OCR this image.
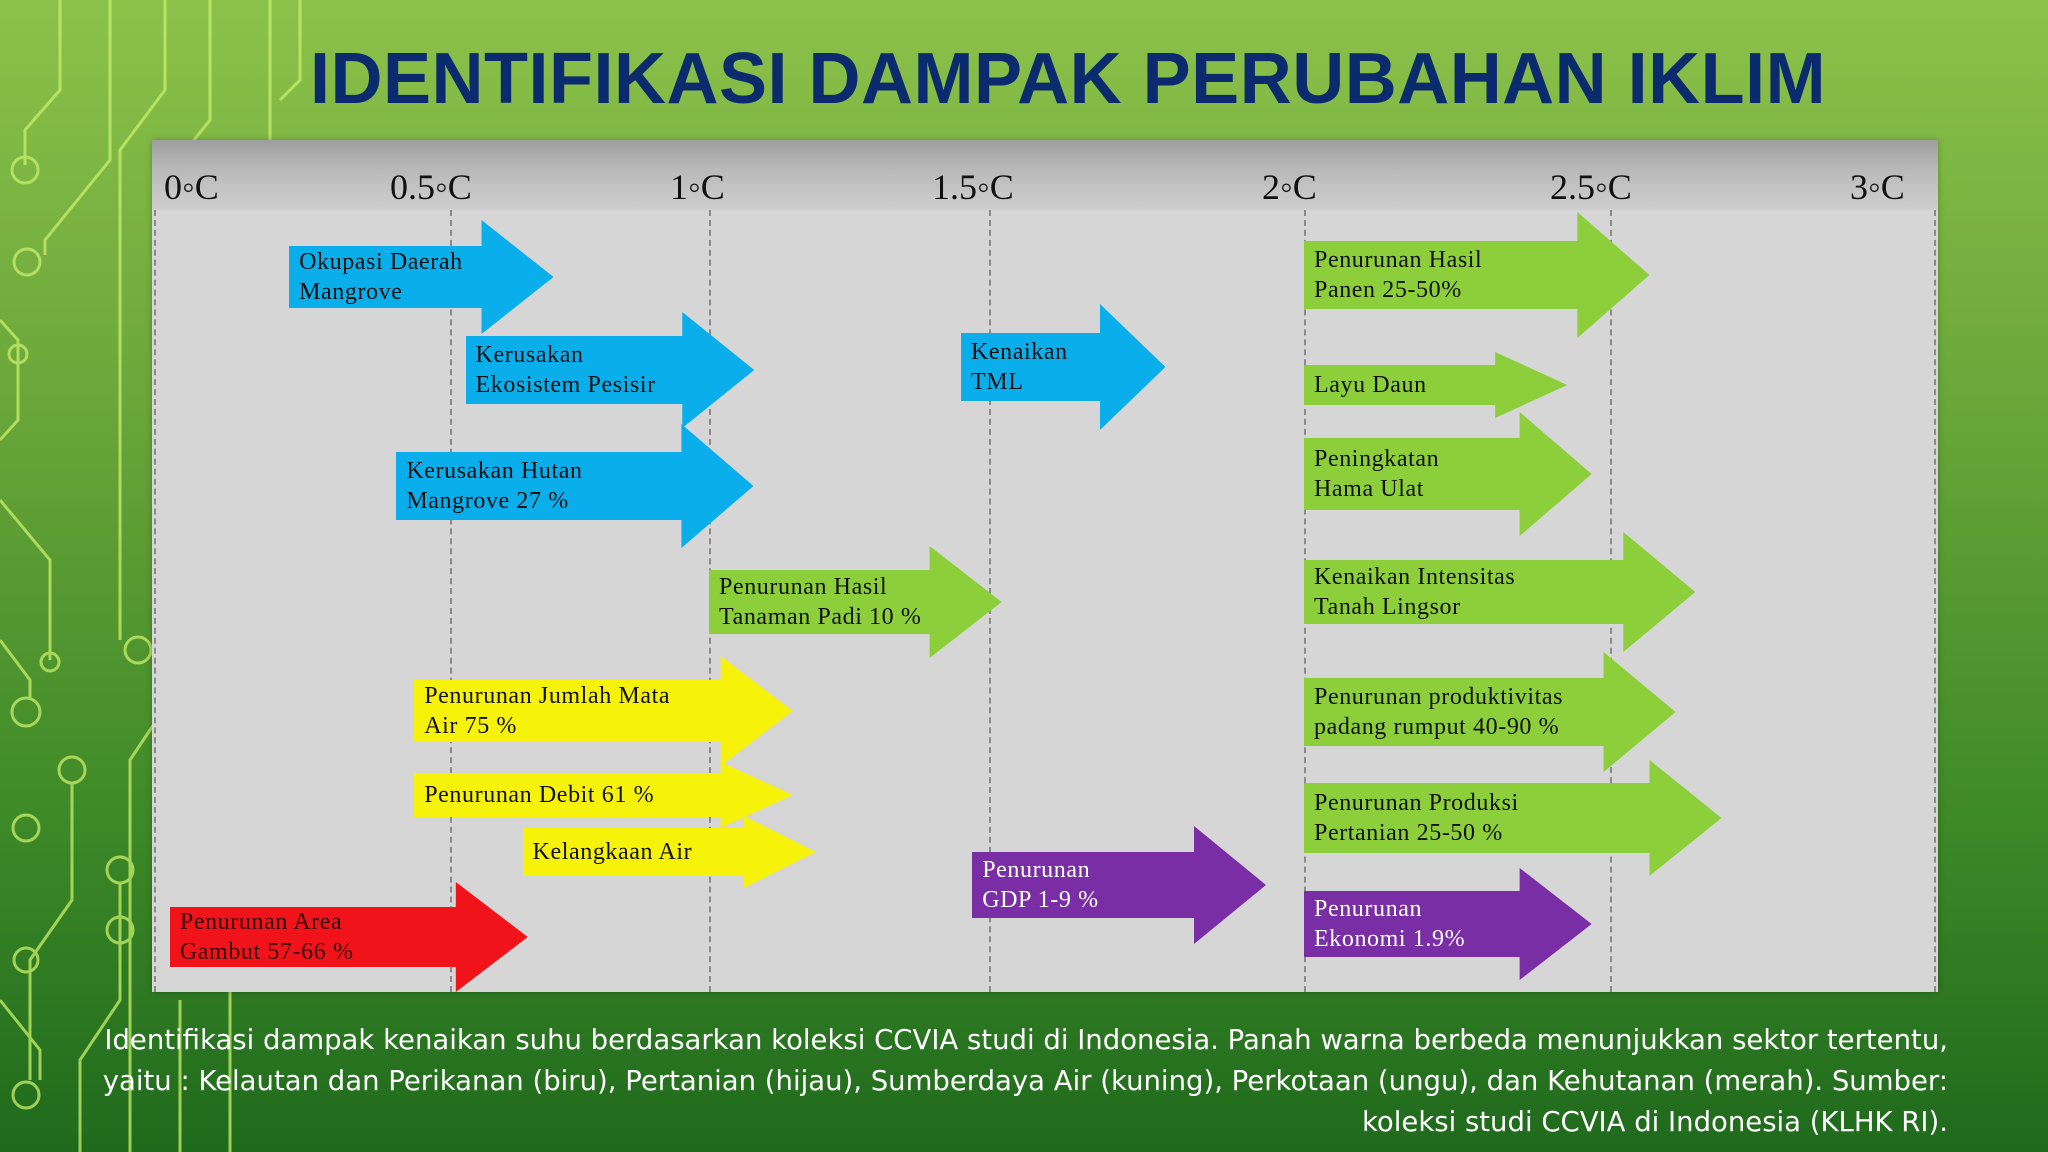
IDENTIFIKASI DAMPAK PERUBAHAN IKLIM
0◦C	0.5◦C	1◦C	1.5◦C	2◦C	2.5◦C	3◦C
Okupasi Daerah
Mangrove
Kerusakan
Ekosistem Pesisir
Kerusakan Hutan
Mangrove 27 %
Kenaikan
TML
Penurunan Hasil
Tanaman Padi 10 %
Penurunan Jumlah Mata
Air 75 %
Penurunan Debit 61 %
Kelangkaan Air
Penurunan Area
Gambut 57-66 %
Penurunan
GDP 1-9 %
Penurunan Hasil
Panen 25-50%
Layu Daun
Peningkatan
Hama Ulat
Kenaikan Intensitas
Tanah Lingsor
Penurunan produktivitas
padang rumput 40-90 %
Penurunan Produksi
Pertanian 25-50 %
Penurunan
Ekonomi 1.9%
Identifikasi dampak kenaikan suhu berdasarkan koleksi CCVIA studi di Indonesia. Panah warna berbeda menunjukkan sektor tertentu, yaitu : Kelautan dan Perikanan (biru), Pertanian (hijau), Sumberdaya Air (kuning), Perkotaan (ungu), dan Kehutanan (merah). Sumber: koleksi studi CCVIA di Indonesia (KLHK RI).
